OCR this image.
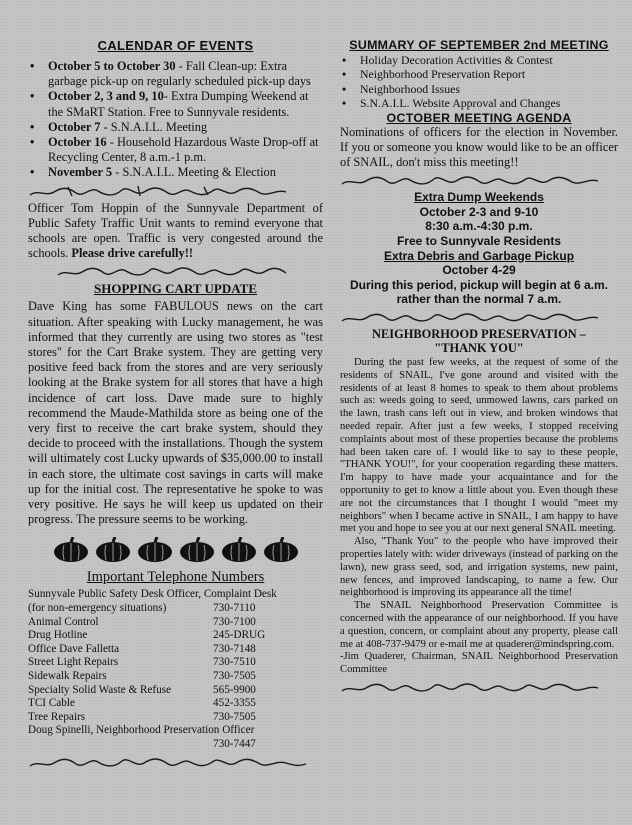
CALENDAR OF EVENTS
• October 5 to October 30 - Fall Clean-up: Extra garbage pick-up on regularly scheduled pick-up days
• October 2, 3 and 9, 10- Extra Dumping Weekend at the SMaRT Station. Free to Sunnyvale residents.
• October 7 - S.N.A.I.L. Meeting
• October 16 - Household Hazardous Waste Drop-off at Recycling Center, 8 a.m.-1 p.m.
• November 5 - S.N.A.I.L. Meeting & Election

Officer Tom Hoppin of the Sunnyvale Department of Public Safety Traffic Unit wants to remind everyone that schools are open. Traffic is very congested around the schools. Please drive carefully!!

SHOPPING CART UPDATE

Dave King has some FABULOUS news on the cart situation. After speaking with Lucky management, he was informed that they currently are using two stores as "test stores" for the Cart Brake system. They are getting very positive feed back from the stores and are very seriously looking at the Brake system for all stores that have a high incidence of cart loss. Dave made sure to highly recommend the Maude-Mathilda store as being one of the very first to receive the cart brake system, should they decide to proceed with the installations. Though the system will ultimately cost Lucky upwards of $35,000.00 to install in each store, the ultimate cost savings in carts will make up for the initial cost. The representative he spoke to was very positive. He says he will keep us updated on their progress. The pressure seems to be working.

Important Telephone Numbers
Sunnyvale Public Safety Desk Officer, Complaint Desk
(for non-emergency situations)	730-7110
Animal Control	730-7100
Drug Hotline	245-DRUG
Office Dave Falletta	730-7148
Street Light Repairs	730-7510
Sidewalk Repairs	730-7505
Specialty Solid Waste & Refuse	565-9900
TCI Cable	452-3355
Tree Repairs	730-7505
Doug Spinelli, Neighborhood Preservation Officer
730-7447
SUMMARY OF SEPTEMBER 2nd MEETING
• Holiday Decoration Activities & Contest
• Neighborhood Preservation Report
• Neighborhood Issues
• S.N.A.I.L. Website Approval and Changes
OCTOBER MEETING AGENDA

Nominations of officers for the election in November. If you or someone you know would like to be an officer of SNAIL, don't miss this meeting!!

Extra Dump Weekends
October 2-3 and 9-10
8:30 a.m.-4:30 p.m.
Free to Sunnyvale Residents
Extra Debris and Garbage Pickup
October 4-29
During this period, pickup will begin at 6 a.m.
rather than the normal 7 a.m.
NEIGHBORHOOD PRESERVATION –
"THANK YOU"

During the past few weeks, at the request of some of the residents of SNAIL, I've gone around and visited with the residents of at least 8 homes to speak to them about problems such as: weeds going to seed, unmowed lawns, cars parked on the lawn, trash cans left out in view, and broken windows that needed repair. After just a few weeks, I stopped receiving complaints about most of these properties because the problems had been taken care of. I would like to say to these people, "THANK YOU!", for your cooperation regarding these matters. I'm happy to have made your acquaintance and for the opportunity to get to know a little about you. Even though these are not the circumstances that I thought I would "meet my neighbors" when I became active in SNAIL, I am happy to have met you and hope to see you at our next general SNAIL meeting.

Also, "Thank You" to the people who have improved their properties lately with: wider driveways (instead of parking on the lawn), new grass seed, sod, and irrigation systems, new paint, new fences, and improved landscaping, to name a few. Our neighborhood is improving its appearance all the time!

The SNAIL Neighborhood Preservation Committee is concerned with the appearance of our neighborhood. If you have a question, concern, or complaint about any property, please call me at 408-737-9479 or e-mail me at quaderer@mindspring.com.

-Jim Quaderer, Chairman, SNAIL Neighborhood Preservation Committee
